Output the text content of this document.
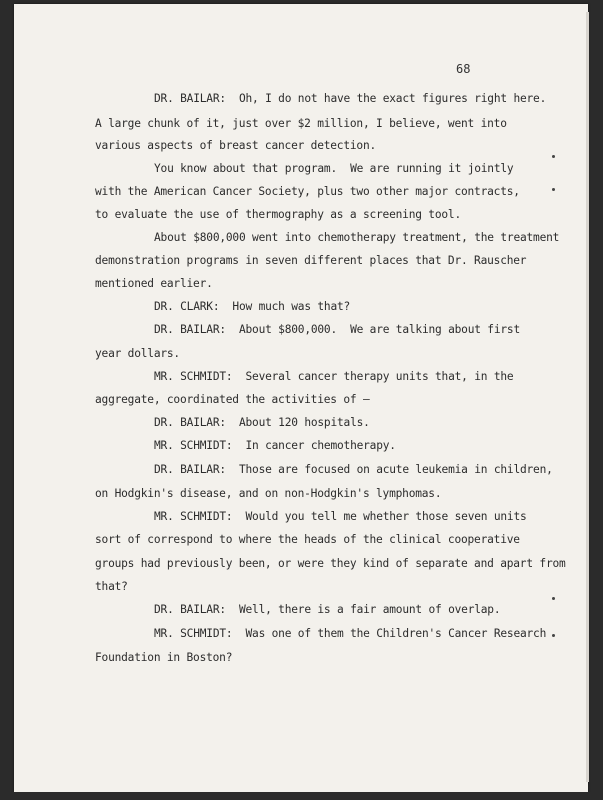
68
DR. BAILAR:  Oh, I do not have the exact figures right here.
A large chunk of it, just over $2 million, I believe, went into
various aspects of breast cancer detection.
You know about that program.  We are running it jointly
with the American Cancer Society, plus two other major contracts,
to evaluate the use of thermography as a screening tool.
About $800,000 went into chemotherapy treatment, the treatment
demonstration programs in seven different places that Dr. Rauscher
mentioned earlier.
DR. CLARK:  How much was that?
DR. BAILAR:  About $800,000.  We are talking about first
year dollars.
MR. SCHMIDT:  Several cancer therapy units that, in the
aggregate, coordinated the activities of —
DR. BAILAR:  About 120 hospitals.
MR. SCHMIDT:  In cancer chemotherapy.
DR. BAILAR:  Those are focused on acute leukemia in children,
on Hodgkin's disease, and on non-Hodgkin's lymphomas.
MR. SCHMIDT:  Would you tell me whether those seven units
sort of correspond to where the heads of the clinical cooperative
groups had previously been, or were they kind of separate and apart from
that?
DR. BAILAR:  Well, there is a fair amount of overlap.
MR. SCHMIDT:  Was one of them the Children's Cancer Research
Foundation in Boston?
